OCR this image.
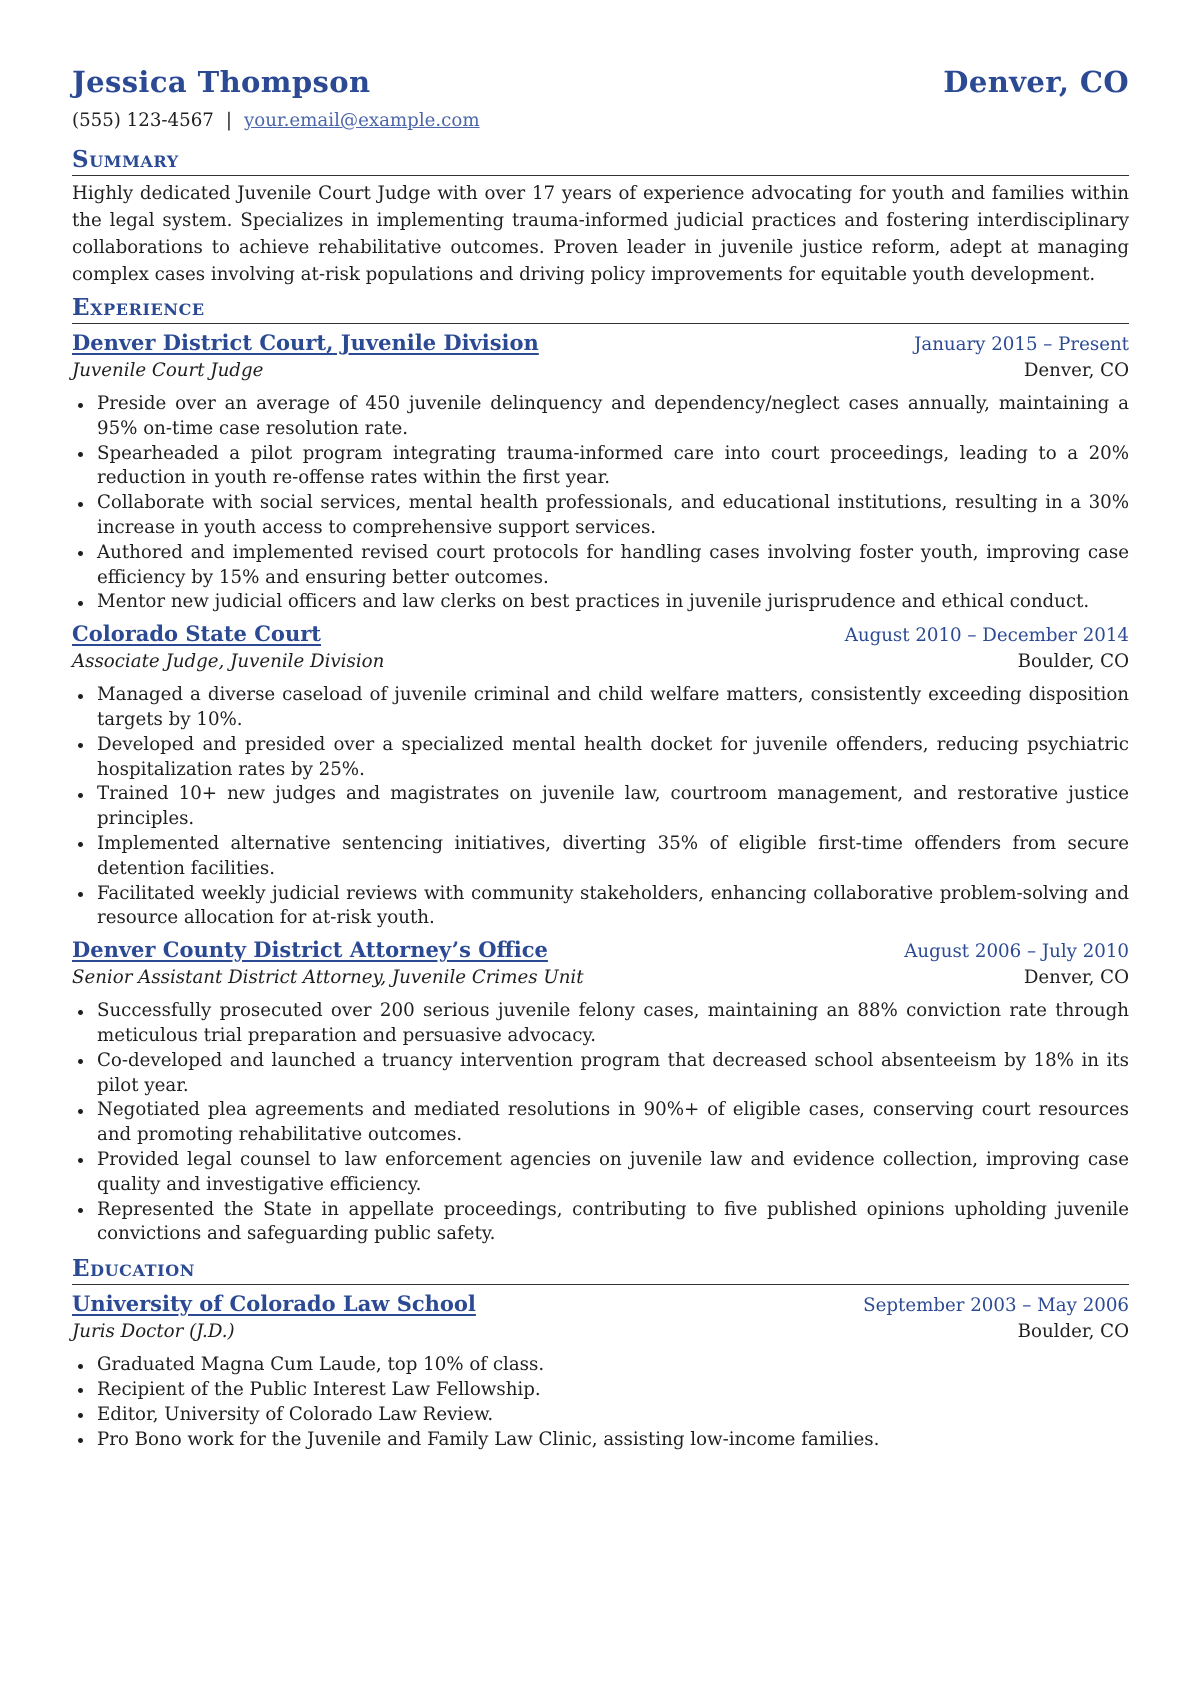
Jessica Thompson	Denver, CO
(555) 123-4567 | your.email@example.com
Summary
Highly dedicated Juvenile Court Judge with over 17 years of experience advocating for youth and families within the legal system. Specializes in implementing trauma-informed judicial practices and fostering interdisciplinary collaborations to achieve rehabilitative outcomes. Proven leader in juvenile justice reform, adept at managing complex cases involving at-risk populations and driving policy improvements for equitable youth development.
Experience
Denver District Court, Juvenile Division	January 2015 – Present
Juvenile Court Judge	Denver, CO
Preside over an average of 450 juvenile delinquency and dependency/neglect cases annually, maintaining a 95% on-time case resolution rate.
Spearheaded a pilot program integrating trauma-informed care into court proceedings, leading to a 20% reduction in youth re-offense rates within the first year.
Collaborate with social services, mental health professionals, and educational institutions, resulting in a 30% increase in youth access to comprehensive support services.
Authored and implemented revised court protocols for handling cases involving foster youth, improving case efficiency by 15% and ensuring better outcomes.
Mentor new judicial officers and law clerks on best practices in juvenile jurisprudence and ethical conduct.
Colorado State Court	August 2010 – December 2014
Associate Judge, Juvenile Division	Boulder, CO
Managed a diverse caseload of juvenile criminal and child welfare matters, consistently exceeding disposition targets by 10%.
Developed and presided over a specialized mental health docket for juvenile offenders, reducing psychiatric hospitalization rates by 25%.
Trained 10+ new judges and magistrates on juvenile law, courtroom management, and restorative justice principles.
Implemented alternative sentencing initiatives, diverting 35% of eligible first-time offenders from secure detention facilities.
Facilitated weekly judicial reviews with community stakeholders, enhancing collaborative problem-solving and resource allocation for at-risk youth.
Denver County District Attorney’s Office	August 2006 – July 2010
Senior Assistant District Attorney, Juvenile Crimes Unit	Denver, CO
Successfully prosecuted over 200 serious juvenile felony cases, maintaining an 88% conviction rate through meticulous trial preparation and persuasive advocacy.
Co-developed and launched a truancy intervention program that decreased school absenteeism by 18% in its pilot year.
Negotiated plea agreements and mediated resolutions in 90%+ of eligible cases, conserving court resources and promoting rehabilitative outcomes.
Provided legal counsel to law enforcement agencies on juvenile law and evidence collection, improving case quality and investigative efficiency.
Represented the State in appellate proceedings, contributing to five published opinions upholding juvenile convictions and safeguarding public safety.
Education
University of Colorado Law School	September 2003 – May 2006
Juris Doctor (J.D.)	Boulder, CO
Graduated Magna Cum Laude, top 10% of class.
Recipient of the Public Interest Law Fellowship.
Editor, University of Colorado Law Review.
Pro Bono work for the Juvenile and Family Law Clinic, assisting low-income families.
